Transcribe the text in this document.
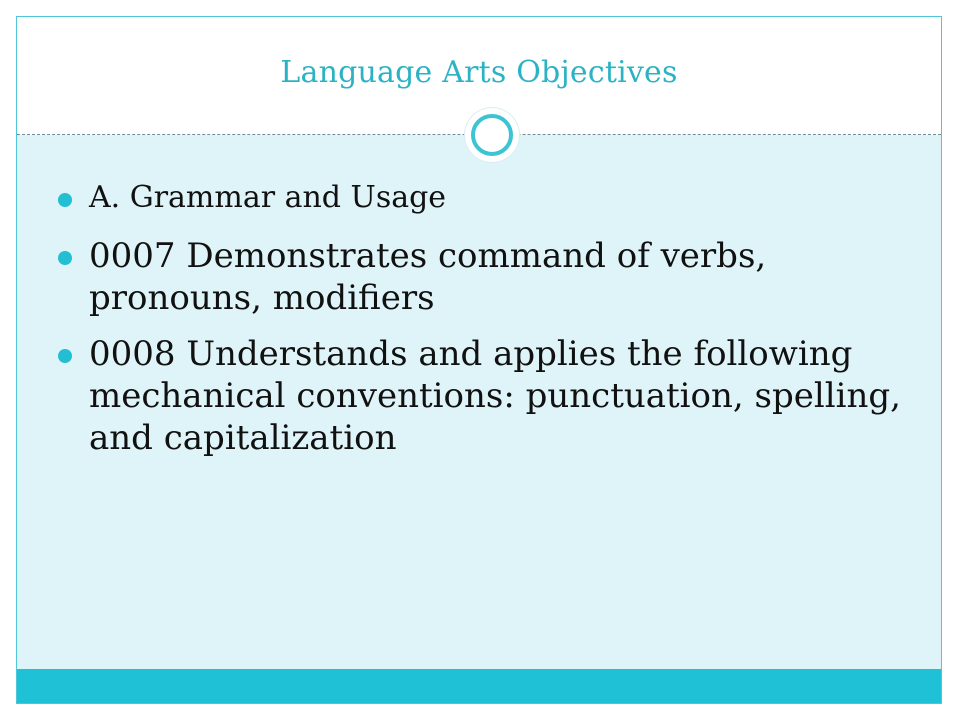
Language Arts Objectives
A. Grammar and Usage
0007 Demonstrates command of verbs, pronouns, modifiers
0008 Understands and applies the following mechanical conventions: punctuation, spelling, and capitalization
